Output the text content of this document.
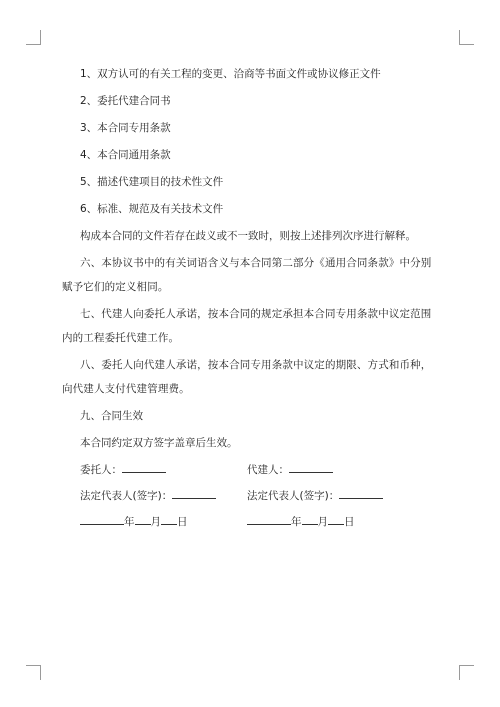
1、双方认可的有关工程的变更、洽商等书面文件或协议修正文件

2、委托代建合同书

3、本合同专用条款

4、本合同通用条款

5、描述代建项目的技术性文件

6、标准、规范及有关技术文件

构成本合同的文件若存在歧义或不一致时，则按上述排列次序进行解释。

六、本协议书中的有关词语含义与本合同第二部分《通用合同条款》中分别赋予它们的定义相同。

七、代建人向委托人承诺，按本合同的规定承担本合同专用条款中议定范围内的工程委托代建工作。

八、委托人向代建人承诺，按本合同专用条款中议定的期限、方式和币种，向代建人支付代建管理费。

九、合同生效

本合同约定双方签字盖章后生效。

委托人：	代建人：
法定代表人(签字)：	法定代表人(签字)：
年 月 日	年 月 日
